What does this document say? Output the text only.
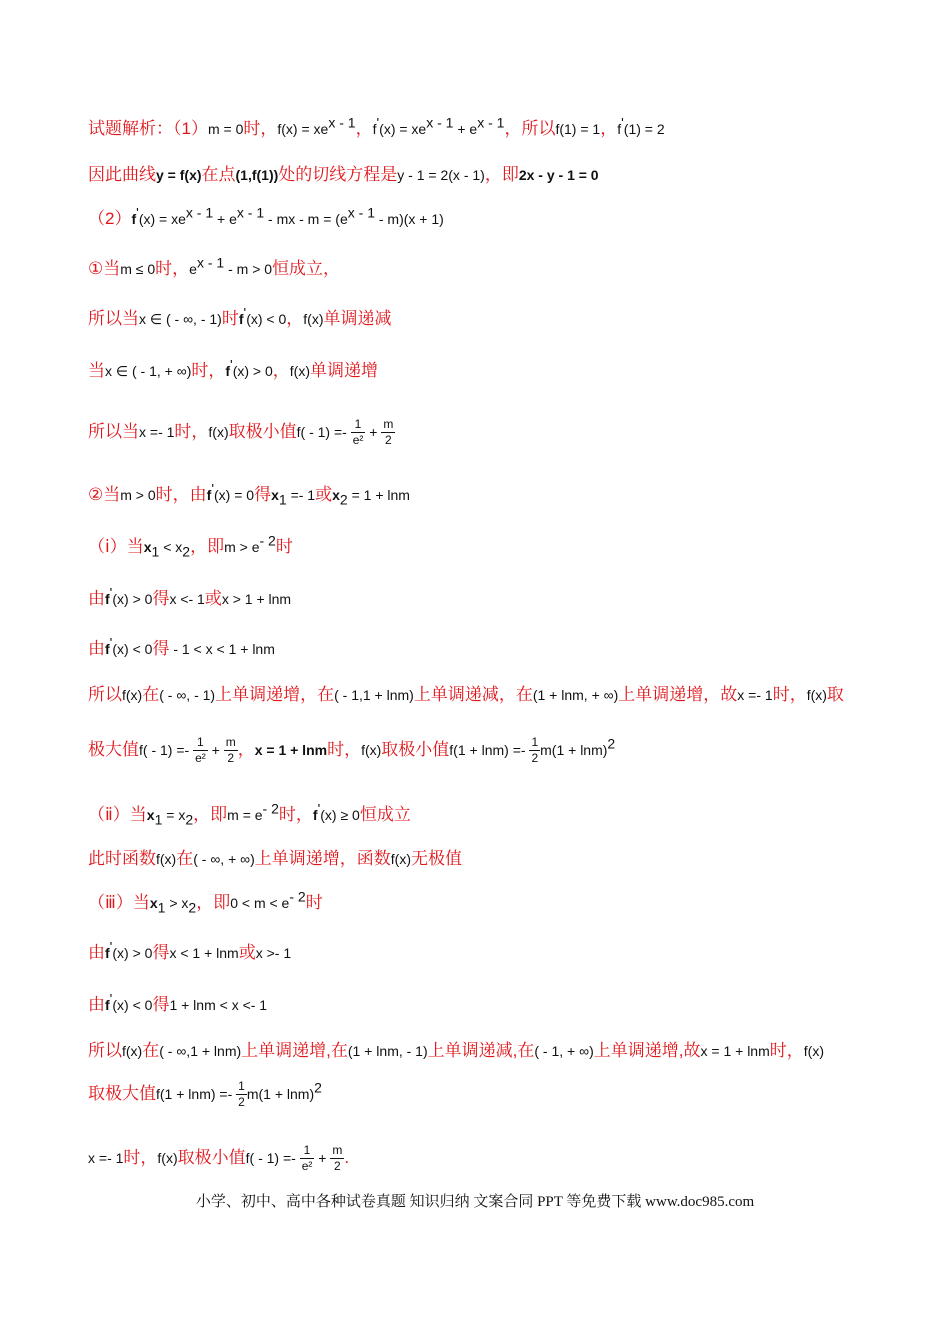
试题解析：（1）m = 0时，$f(x) = xe^{x - 1}$，$f'(x) = xe^{x - 1} + e^{x - 1}$，所以f(1) = 1，f'(1) = 2
因此曲线y = f(x)在点(1,f(1))处的切线方程是y - 1 = 2(x - 1)，即2x - y - 1 = 0
$(2)f'(x) = xe^{x - 1} + e^{x - 1}$ - mx - $m = (e^{x - 1} - m)(x + 1)$
①当m ≤ 0时，$e^{x - 1} - m > 0$恒成立，
所以当x ∈ ( - ∞, - 1)时f'(x) < 0，f(x)单调递减
当x ∈ ( - 1, + ∞)时，f'(x) > 0，f(x)单调递增
所以当x =- 1时，f(x)取极小值$f( - 1) =- \frac{1}{\text{e²}} + \frac{m}{2}$
②当m > 0时，由f'(x) = 0得$x_1 =- 1$或$x_2 = 1 + \ln m$
（ⅰ）当$x_1 < x_2$，即$m > e^{- 2}$时
由f'(x) > 0得x <- 1或x > 1 + lnm
由f'(x) < 0得 - 1 < x < 1 + lnm
所以f(x)在( - ∞, - 1)上单调递增，在( - 1,1 + lnm)上单调递减，在(1 + lnm, + ∞)上单调递增，故x =- 1时，f(x)取
极大值$f( - 1) =- \frac{1}{\text{e²}} + \frac{m}{2}$ ，x = 1 + lnm时，f(x)取极小值$f(1 + \ln m) =- \frac{1}{2} m(1 + \ln m)^2$
（ⅱ）当$x_1 = x_2$，即$m = e^{- 2}$时，f'(x) ≥ 0恒成立
此时函数f(x)在( - ∞, + ∞)上单调递增，函数f(x)无极值
（ⅲ）当$x_1 > x_2$，即$0 < m < e^{- 2}$时
由f'(x) > 0得x < 1 + lnm或x >- 1
由f'(x) < 0得1 + lnm < x <- 1
所以f(x)在( - ∞,1 + lnm)上单调递增,在(1 + lnm, - 1)上单调递减,在( - 1, + ∞)上单调递增,故x = 1 + lnm时，f(x)
取极大值$f(1 + \ln m) =- \frac{1}{2} m(1 + \ln m)^2$
x =- 1时，f(x)取极小值$f( - 1) =- \frac{1}{\text{e²}} + \frac{m}{2}$ .
小学、初中、高中各种试卷真题 知识归纳 文案合同 PPT 等免费下载 www.doc985.com
